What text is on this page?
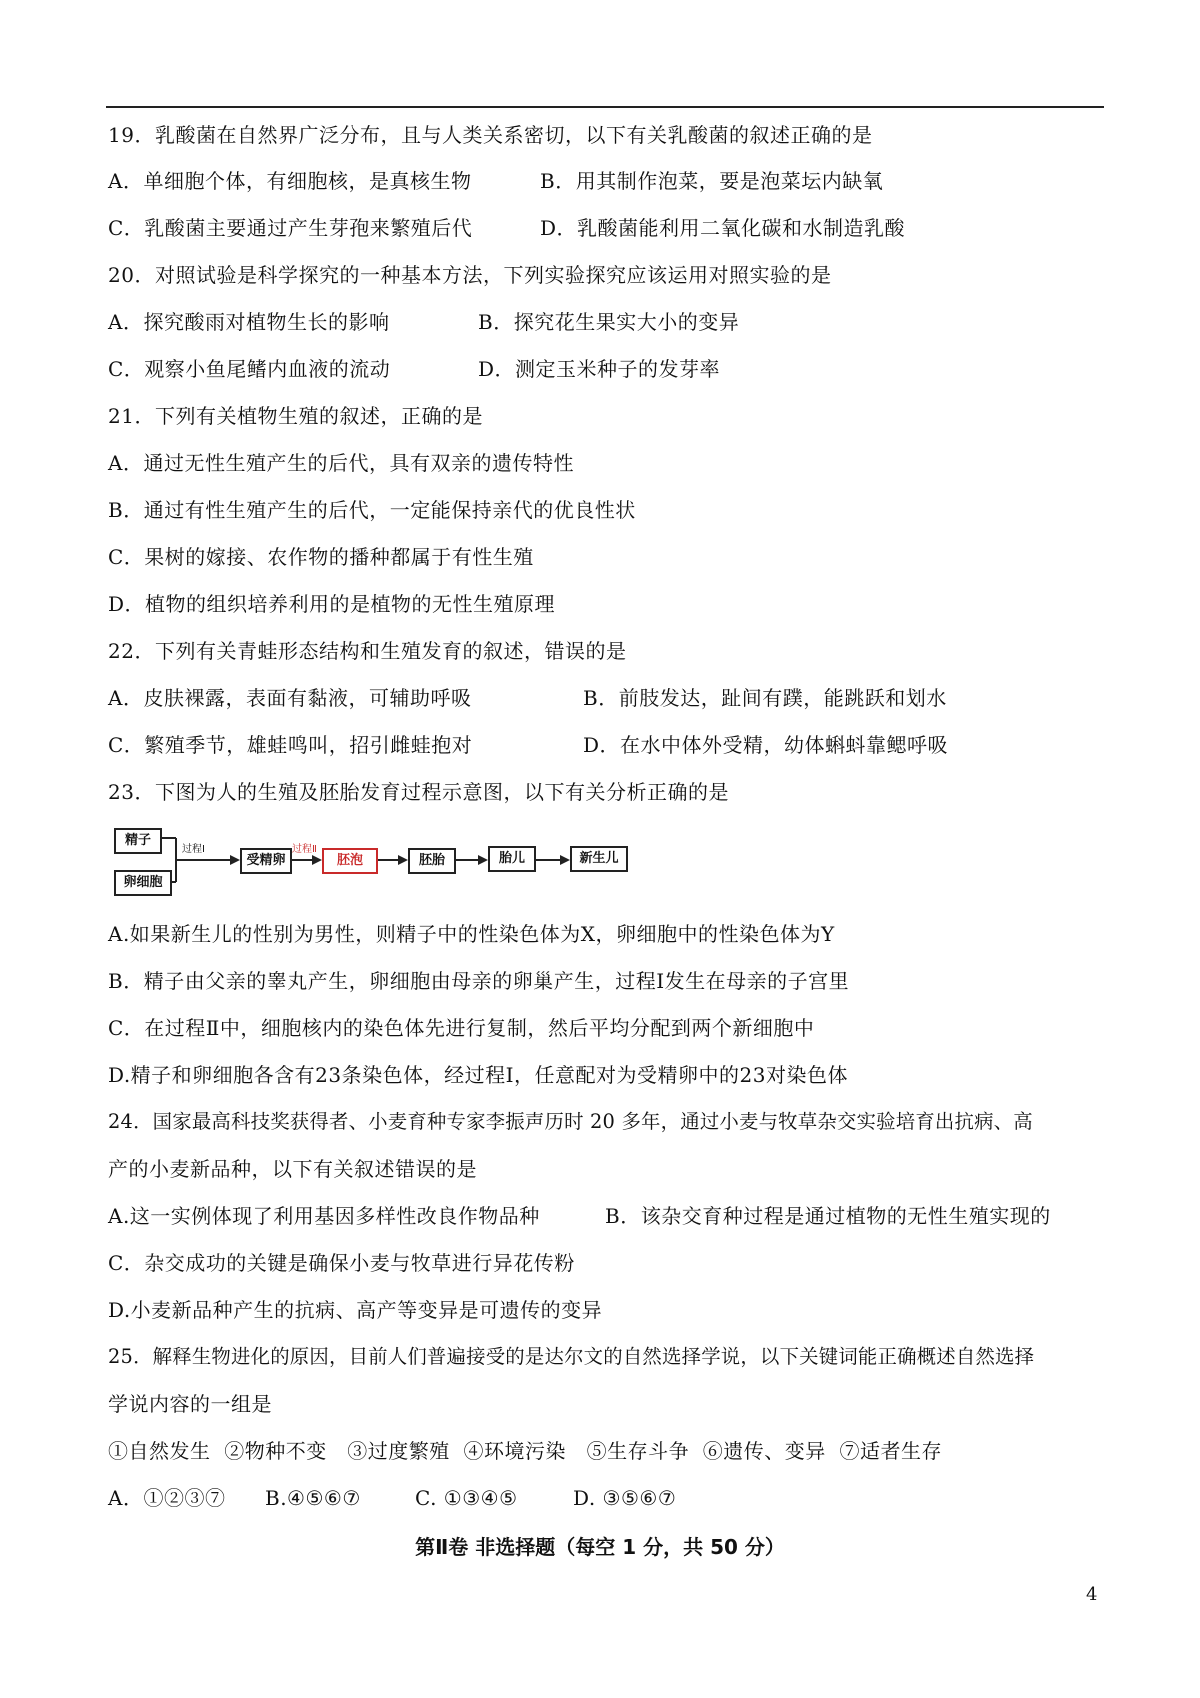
19．乳酸菌在自然界广泛分布，且与人类关系密切，以下有关乳酸菌的叙述正确的是
A．单细胞个体，有细胞核，是真核生物	B．用其制作泡菜，要是泡菜坛内缺氧
C．乳酸菌主要通过产生芽孢来繁殖后代	D．乳酸菌能利用二氧化碳和水制造乳酸
20．对照试验是科学探究的一种基本方法，下列实验探究应该运用对照实验的是
A．探究酸雨对植物生长的影响	B．探究花生果实大小的变异
C．观察小鱼尾鳍内血液的流动	D．测定玉米种子的发芽率
21．下列有关植物生殖的叙述，正确的是
A．通过无性生殖产生的后代，具有双亲的遗传特性
B．通过有性生殖产生的后代，一定能保持亲代的优良性状
C．果树的嫁接、农作物的播种都属于有性生殖
D．植物的组织培养利用的是植物的无性生殖原理
22．下列有关青蛙形态结构和生殖发育的叙述，错误的是
A．皮肤裸露，表面有黏液，可辅助呼吸	B．前肢发达，趾间有蹼，能跳跃和划水
C．繁殖季节，雄蛙鸣叫，招引雌蛙抱对	D．在水中体外受精，幼体蝌蚪靠鳃呼吸
23．下图为人的生殖及胚胎发育过程示意图，以下有关分析正确的是
精子
卵细胞
过程Ⅰ
受精卵
过程Ⅱ
胚泡	胚胎	胎儿	新生儿
A.如果新生儿的性别为男性，则精子中的性染色体为X，卵细胞中的性染色体为Y
B．精子由父亲的睾丸产生，卵细胞由母亲的卵巢产生，过程Ⅰ发生在母亲的子宫里
C．在过程Ⅱ中，细胞核内的染色体先进行复制，然后平均分配到两个新细胞中
D.精子和卵细胞各含有23条染色体，经过程Ⅰ，任意配对为受精卵中的23对染色体
24．国家最高科技奖获得者、小麦育种专家李振声历时 20 多年，通过小麦与牧草杂交实验培育出抗病、高
产的小麦新品种，以下有关叙述错误的是
A.这一实例体现了利用基因多样性改良作物品种	B．该杂交育种过程是通过植物的无性生殖实现的
C．杂交成功的关键是确保小麦与牧草进行异花传粉
D.小麦新品种产生的抗病、高产等变异是可遗传的变异
25．解释生物进化的原因，目前人们普遍接受的是达尔文的自然选择学说，以下关键词能正确概述自然选择
学说内容的一组是
①自然发生  ②物种不变   ③过度繁殖  ④环境污染   ⑤生存斗争  ⑥遗传、变异  ⑦适者生存
A．①②③⑦ B.④⑤⑥⑦	C. ①③④⑤	D. ③⑤⑥⑦
第Ⅱ卷 非选择题（每空 1 分，共 50 分）
4
